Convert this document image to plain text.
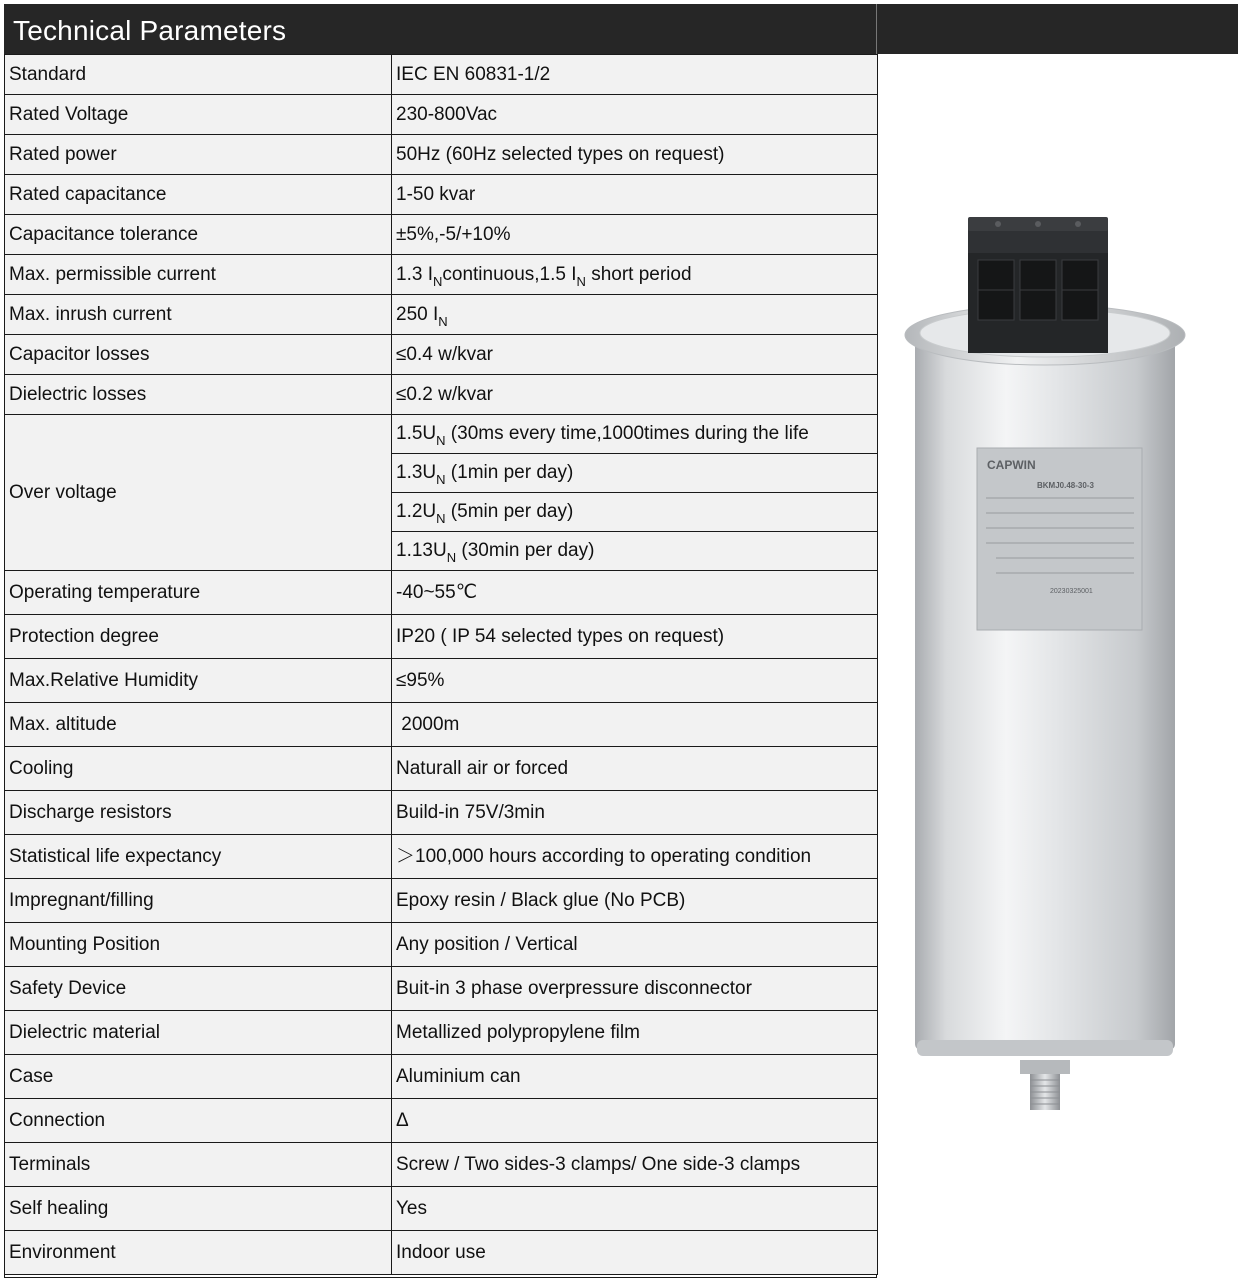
Technical Parameters
Standard	IEC EN 60831-1/2
Rated Voltage	230-800Vac
Rated power	50Hz (60Hz selected types on request)
Rated capacitance	1-50 kvar
Capacitance tolerance	±5%,-5/+10%
Max. permissible current	1.3 $I_Ncontinuous,1.5$ $I_N$ short period
Max. inrush current	250 $I_N$
Capacitor losses	≤0.4 w/kvar
Dielectric losses	≤0.2 w/kvar
Over voltage	$1.5U_N$ (30ms every time,1000times during the life
	$1.3U_N$ (1min per day)
	$1.2U_N$ (5min per day)
	$1.13U_N$ (30min per day)
Operating temperature	-40~55℃
Protection degree	IP20 ( IP 54 selected types on request)
Max.Relative Humidity	≤95%
Max. altitude	2000m
Cooling	Naturall air or forced
Discharge resistors	Build-in 75V/3min
Statistical life expectancy	＞100,000 hours according to operating condition
Impregnant/filling	Epoxy resin / Black glue (No PCB)
Mounting Position	Any position / Vertical
Safety Device	Buit-in 3 phase overpressure disconnector
Dielectric material	Metallized polypropylene film
Case	Aluminium can
Connection	Δ
Terminals	Screw / Two sides-3 clamps/ One side-3 clamps
Self healing	Yes
Environment	Indoor use
CAPWIN
BKMJ0.48-30-3
20230325001
